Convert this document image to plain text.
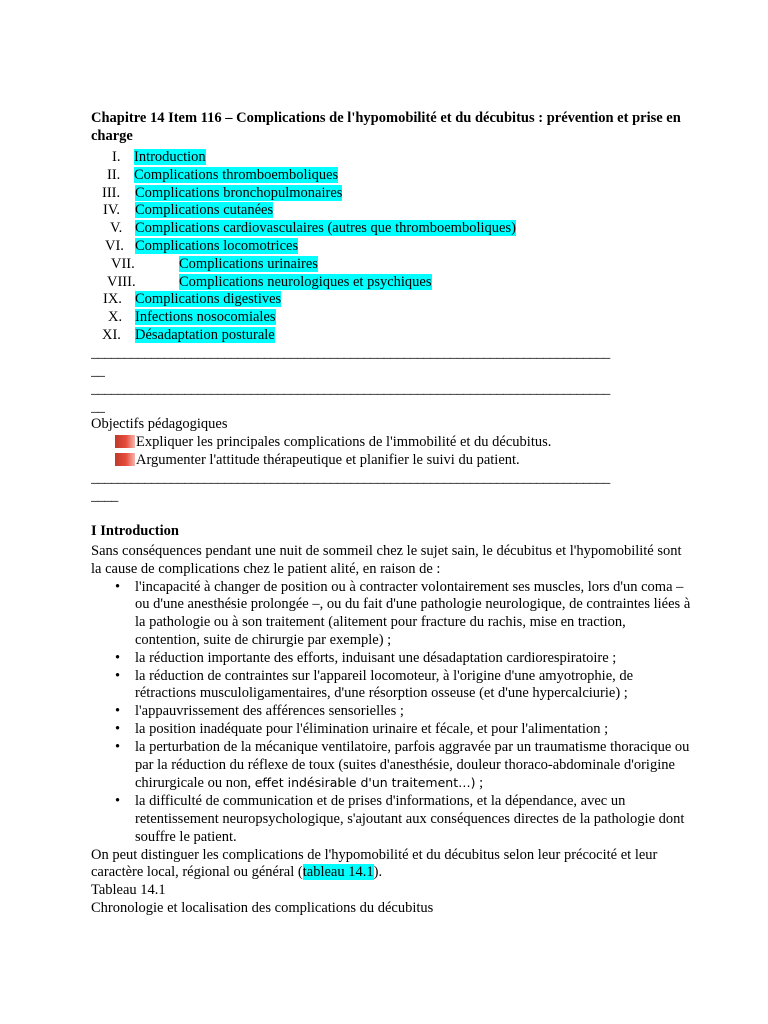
Chapitre 14 Item 116 – Complications de l'hypomobilité et du décubitus : prévention et prise en charge
I. Introduction
II. Complications thromboemboliques
III. Complications bronchopulmonaires
IV. Complications cutanées
V. Complications cardiovasculaires (autres que thromboemboliques)
VI. Complications locomotrices
VII.	Complications urinaires
VIII.	Complications neurologiques et psychiques
IX. Complications digestives
X. Infections nosocomiales
XI. Désadaptation posturale
______________________________________________________________________________
__
______________________________________________________________________________
__
Objectifs pédagogiques
Expliquer les principales complications de l'immobilité et du décubitus.
Argumenter l'attitude thérapeutique et planifier le suivi du patient.
______________________________________________________________________________
____
I Introduction

Sans conséquences pendant une nuit de sommeil chez le sujet sain, le décubitus et l'hypomobilité sont la cause de complications chez le patient alité, en raison de :

• l'incapacité à changer de position ou à contracter volontairement ses muscles, lors d'un coma – ou d'une anesthésie prolongée –, ou du fait d'une pathologie neurologique, de contraintes liées à la pathologie ou à son traitement (alitement pour fracture du rachis, mise en traction, contention, suite de chirurgie par exemple) ;
• la réduction importante des efforts, induisant une désadaptation cardiorespiratoire ;
• la réduction de contraintes sur l'appareil locomoteur, à l'origine d'une amyotrophie, de rétractions musculoligamentaires, d'une résorption osseuse (et d'une hypercalciurie) ;
• l'appauvrissement des afférences sensorielles ;
• la position inadéquate pour l'élimination urinaire et fécale, et pour l'alimentation ;
• la perturbation de la mécanique ventilatoire, parfois aggravée par un traumatisme thoracique ou par la réduction du réflexe de toux (suites d'anesthésie, douleur thoraco-abdominale d'origine chirurgicale ou non, effet indésirable d'un traitement…) ;
• la difficulté de communication et de prises d'informations, et la dépendance, avec un retentissement neuropsychologique, s'ajoutant aux conséquences directes de la pathologie dont souffre le patient.

On peut distinguer les complications de l'hypomobilité et du décubitus selon leur précocité et leur caractère local, régional ou général (tableau 14.1).

Tableau 14.1

Chronologie et localisation des complications du décubitus
